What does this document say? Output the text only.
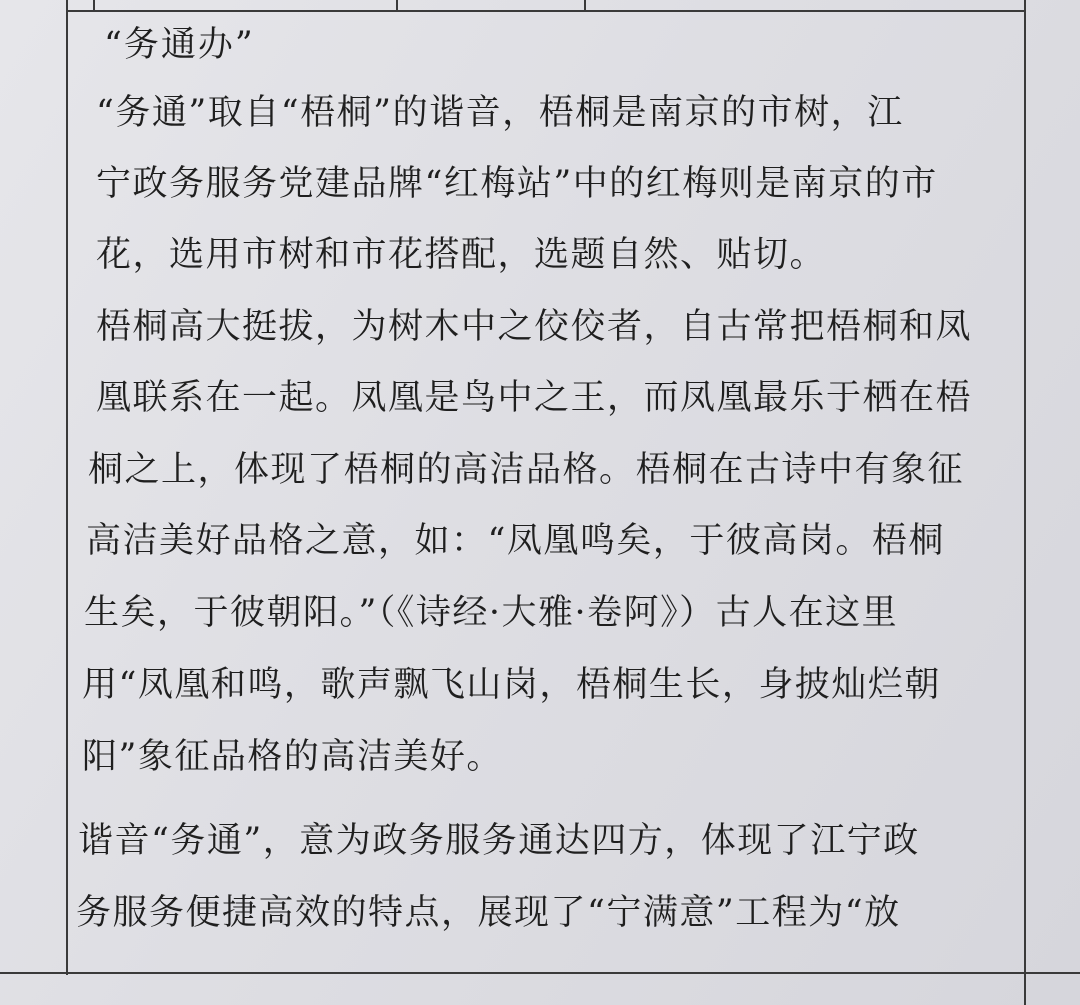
“务通办”
“务通”取自“梧桐”的谐音，梧桐是南京的市树，江
宁政务服务党建品牌“红梅站”中的红梅则是南京的市
花，选用市树和市花搭配，选题自然、贴切。
梧桐高大挺拔，为树木中之佼佼者，自古常把梧桐和凤
凰联系在一起。凤凰是鸟中之王，而凤凰最乐于栖在梧
桐之上，体现了梧桐的高洁品格。梧桐在古诗中有象征
高洁美好品格之意，如：“凤凰鸣矣，于彼高岗。梧桐
生矣，于彼朝阳。”（《诗经·大雅·卷阿》）古人在这里
用“凤凰和鸣，歌声飘飞山岗，梧桐生长，身披灿烂朝
阳”象征品格的高洁美好。
谐音“务通”，意为政务服务通达四方，体现了江宁政
务服务便捷高效的特点，展现了“宁满意”工程为“放
